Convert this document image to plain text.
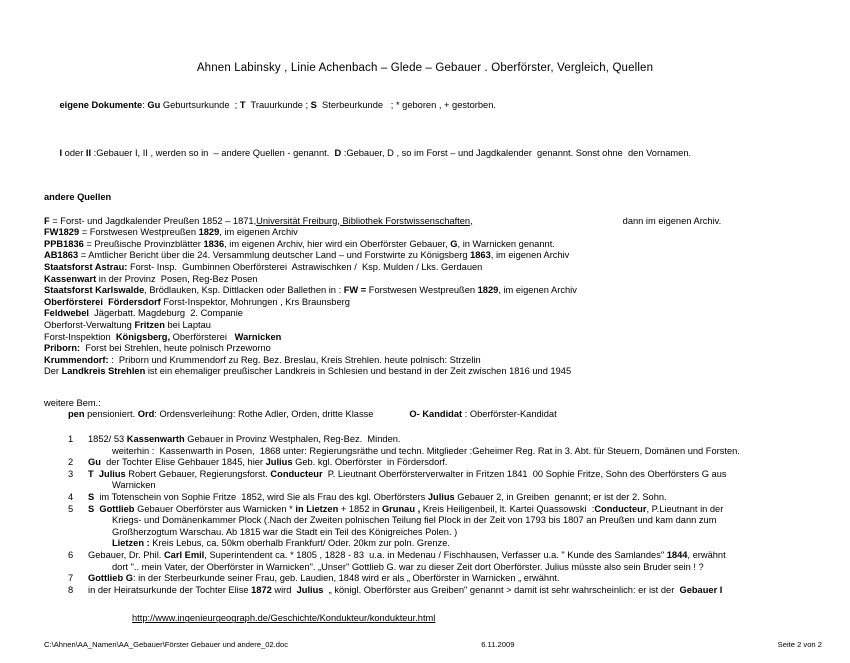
Ahnen Labinsky , Linie Achenbach – Glede – Gebauer . Oberförster, Vergleich, Quellen

eigene Dokumente: Gu Geburtsurkunde  ; T  Trauurkunde ; S  Sterbeurkunde   ; * geboren , + gestorben.

I oder II :Gebauer I, II , werden so in  – andere Quellen - genannt.  D :Gebauer, D , so im Forst – und Jagdkalender  genannt. Sonst ohne  den Vornamen.

andere Quellen
F = Forst- und Jagdkalender Preußen 1852 – 1871,Universität Freiburg, Bibliothek Forstwissenschaften,	dann im eigenen Archiv.
FW1829 = Forstwesen Westpreußen 1829, im eigenen Archiv
PPB1836 = Preußische Provinzblätter 1836, im eigenen Archiv, hier wird ein Oberförster Gebauer, G, in Warnicken genannt.
AB1863 = Amtlicher Bericht über die 24. Versammlung deutscher Land – und Forstwirte zu Königsberg 1863, im eigenen Archiv
Staatsforst Astrau: Forst- Insp.  Gumbinnen Oberförsterei  Astrawischken /  Ksp. Mulden / Lks. Gerdauen
Kassenwart in der Provinz  Posen, Reg-Bez Posen
Staatsforst Karlswalde, Brödlauken, Ksp. Dittlacken oder Ballethen in : FW = Forstwesen Westpreußen 1829, im eigenen Archiv
Oberförsterei  Fördersdorf Forst-Inspektor, Mohrungen , Krs Braunsberg
Feldwebel  Jägerbatt. Magdeburg  2. Companie
Oberforst-Verwaltung Fritzen bei Laptau
Forst-Inspektion  Königsberg, Oberförsterei   Warnicken
Priborn:  Forst bei Strehlen, heute polnisch Przeworno
Krummendorf: :  Priborn und Krummendorf zu Reg. Bez. Breslau, Kreis Strehlen. heute polnisch: Strzelin
Der Landkreis Strehlen ist ein ehemaliger preußischer Landkreis in Schlesien und bestand in der Zeit zwischen 1816 und 1945
weitere Bem.:
pen pensioniert. Ord: Ordensverleihung: Rothe Adler, Orden, dritte Klasse	O- Kandidat : Oberförster-Kandidat
1	1852/ 53 Kassenwarth Gebauer in Provinz Westphalen, Reg-Bez.  Minden.
weiterhin :  Kassenwarth in Posen,  1868 unter: Regierungsräthe und techn. Mitglieder :Geheimer Reg. Rat in 3. Abt. für Steuern, Domänen und Forsten.
2	Gu  der Tochter Elise Gehbauer 1845, hier Julius Geb. kgl. Oberförster  in Fördersdorf.
3	T  Julius Robert Gebauer, Regierungsforst. Conducteur  P. Lieutnant Oberförsterverwalter in Fritzen 1841  00 Sophie Fritze, Sohn des Oberförsters G aus
Warnicken
4	S  im Totenschein von Sophie Fritze  1852, wird Sie als Frau des kgl. Oberförsters Julius Gebauer 2, in Greiben  genannt; er ist der 2. Sohn.
5	S  Gottlieb Gebauer Oberförster aus Warnicken * in Lietzen + 1852 in Grunau , Kreis Heiligenbeil, lt. Kartei Quassowski  :Conducteur, P.Lieutnant in der
Kriegs- und Domänenkammer Plock (.Nach der Zweiten polnischen Teilung fiel Plock in der Zeit von 1793 bis 1807 an Preußen und kam dann zum
Großherzogtum Warschau. Ab 1815 war die Stadt ein Teil des Königreiches Polen. )
Lietzen : Kreis Lebus, ca. 50km oberhalb Frankfurt/ Oder. 20km zur poln. Grenze.
6	Gebauer, Dr. Phil. Carl Emil, Superintendent ca. * 1805 , 1828 - 83  u.a. in Medenau / Fischhausen, Verfasser u.a. " Kunde des Samlandes" 1844, erwähnt
dort ".. mein Vater, der Oberförster in Warnicken". „Unser" Gottlieb G. war zu dieser Zeit dort Oberförster. Julius müsste also sein Bruder sein ! ?
7	Gottlieb G: in der Sterbeurkunde seiner Frau, geb. Laudien, 1848 wird er als „ Oberförster in Warnicken „ erwähnt.
8	in der Heiratsurkunde der Tochter Elise 1872 wird  Julius  „ königl. Oberförster aus Greiben" genannt > damit ist sehr wahrscheinlich: er ist der  Gebauer I
http://www.ingenieurgeograph.de/Geschichte/Kondukteur/kondukteur.html
C:\Ahnen\AA_Namen\AA_Gebauer\Förster Gebauer und andere_02.doc	6.11.2009	Seite 2 von 2
